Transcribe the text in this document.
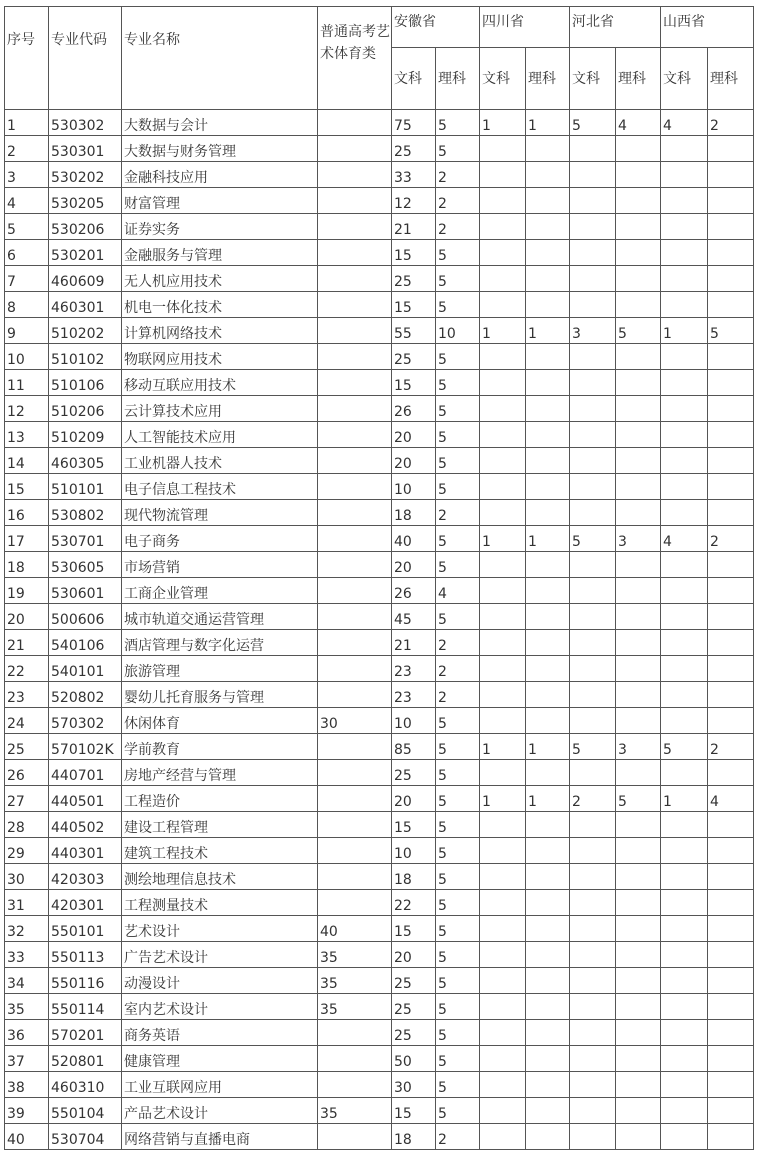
序号	专业代码	专业名称	普通高考艺术体育类	安徽省		四川省		河北省		山西省	
				文科	理科	文科	理科	文科	理科	文科	理科
1	530302	大数据与会计		75	5	1	1	5	4	4	2
2	530301	大数据与财务管理		25	5						
3	530202	金融科技应用		33	2						
4	530205	财富管理		12	2						
5	530206	证券实务		21	2						
6	530201	金融服务与管理		15	5						
7	460609	无人机应用技术		25	5						
8	460301	机电一体化技术		15	5						
9	510202	计算机网络技术		55	10	1	1	3	5	1	5
10	510102	物联网应用技术		25	5						
11	510106	移动互联应用技术		15	5						
12	510206	云计算技术应用		26	5						
13	510209	人工智能技术应用		20	5						
14	460305	工业机器人技术		20	5						
15	510101	电子信息工程技术		10	5						
16	530802	现代物流管理		18	2						
17	530701	电子商务		40	5	1	1	5	3	4	2
18	530605	市场营销		20	5						
19	530601	工商企业管理		26	4						
20	500606	城市轨道交通运营管理		45	5						
21	540106	酒店管理与数字化运营		21	2						
22	540101	旅游管理		23	2						
23	520802	婴幼儿托育服务与管理		23	2						
24	570302	休闲体育	30	10	5						
25	570102K	学前教育		85	5	1	1	5	3	5	2
26	440701	房地产经营与管理		25	5						
27	440501	工程造价		20	5	1	1	2	5	1	4
28	440502	建设工程管理		15	5						
29	440301	建筑工程技术		10	5						
30	420303	测绘地理信息技术		18	5						
31	420301	工程测量技术		22	5						
32	550101	艺术设计	40	15	5						
33	550113	广告艺术设计	35	20	5						
34	550116	动漫设计	35	25	5						
35	550114	室内艺术设计	35	25	5						
36	570201	商务英语		25	5						
37	520801	健康管理		50	5						
38	460310	工业互联网应用		30	5						
39	550104	产品艺术设计	35	15	5						
40	530704	网络营销与直播电商		18	2						
